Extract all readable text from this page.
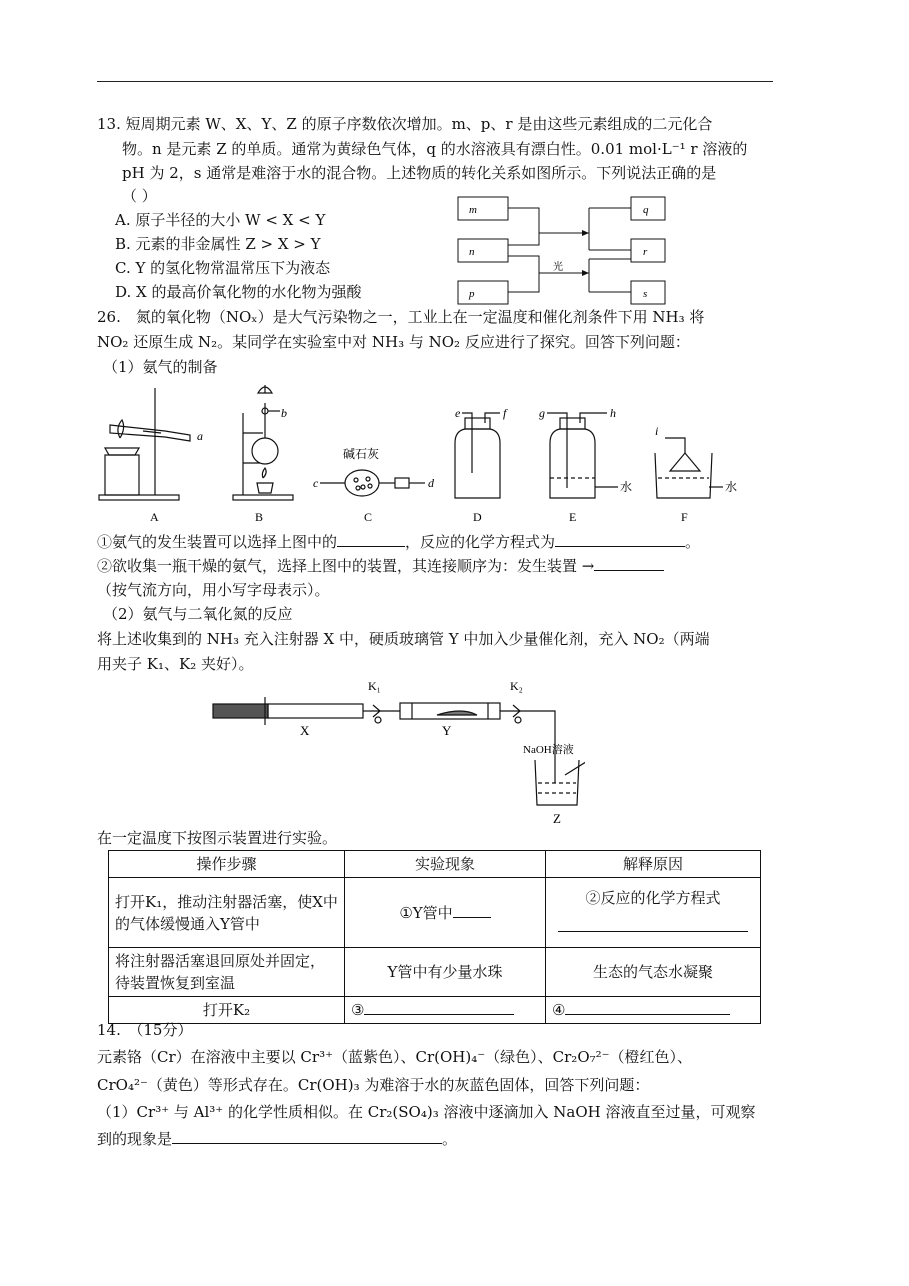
13. 短周期元素 W、X、Y、Z 的原子序数依次增加。m、p、r 是由这些元素组成的二元化合
物。n 是元素 Z 的单质。通常为黄绿色气体，q 的水溶液具有漂白性。0.01 mol·L⁻¹ r 溶液的
pH 为 2，s 通常是难溶于水的混合物。上述物质的转化关系如图所示。下列说法正确的是
（ ）
A. 原子半径的大小 W < X < Y
B. 元素的非金属性 Z > X > Y
C. Y 的氢化物常温常压下为液态
D. X 的最高价氧化物的水化物为强酸
m
n
p
q
r
s
光
26.　氮的氧化物（NOₓ）是大气污染物之一，工业上在一定温度和催化剂条件下用 NH₃ 将
NO₂ 还原生成 N₂。某同学在实验室中对 NH₃ 与 NO₂ 反应进行了探究。回答下列问题：
（1）氨气的制备
a
b
c	d
e	f	g	h
i
碱石灰
水	水
A	B	C	D	E	F
①氨气的发生装置可以选择上图中的	，反应的化学方程式为	。
②欲收集一瓶干燥的氨气，选择上图中的装置，其连接顺序为：发生装置 →
（按气流方向，用小写字母表示）。
（2）氨气与二氧化氮的反应
将上述收集到的 NH₃ 充入注射器 X 中，硬质玻璃管 Y 中加入少量催化剂，充入 NO₂（两端
用夹子 K₁、K₂ 夹好）。
X	Y
Z
K₁	K₂
NaOH溶液
在一定温度下按图示装置进行实验。
操作步骤	实验现象	解释原因
打开K₁，推动注射器活塞，使X中的气体缓慢通入Y管中	①Y管中	②反应的化学方程式

将注射器活塞退回原处并固定，待装置恢复到室温	Y管中有少量水珠	生态的气态水凝聚
打开K₂	③	④
14.　（15分）
元素铬（Cr）在溶液中主要以 Cr³⁺（蓝紫色）、Cr(OH)₄⁻（绿色）、Cr₂O₇²⁻（橙红色）、
CrO₄²⁻（黄色）等形式存在。Cr(OH)₃ 为难溶于水的灰蓝色固体，回答下列问题：
（1）Cr³⁺ 与 Al³⁺ 的化学性质相似。在 Cr₂(SO₄)₃ 溶液中逐滴加入 NaOH 溶液直至过量，可观察
到的现象是	。
